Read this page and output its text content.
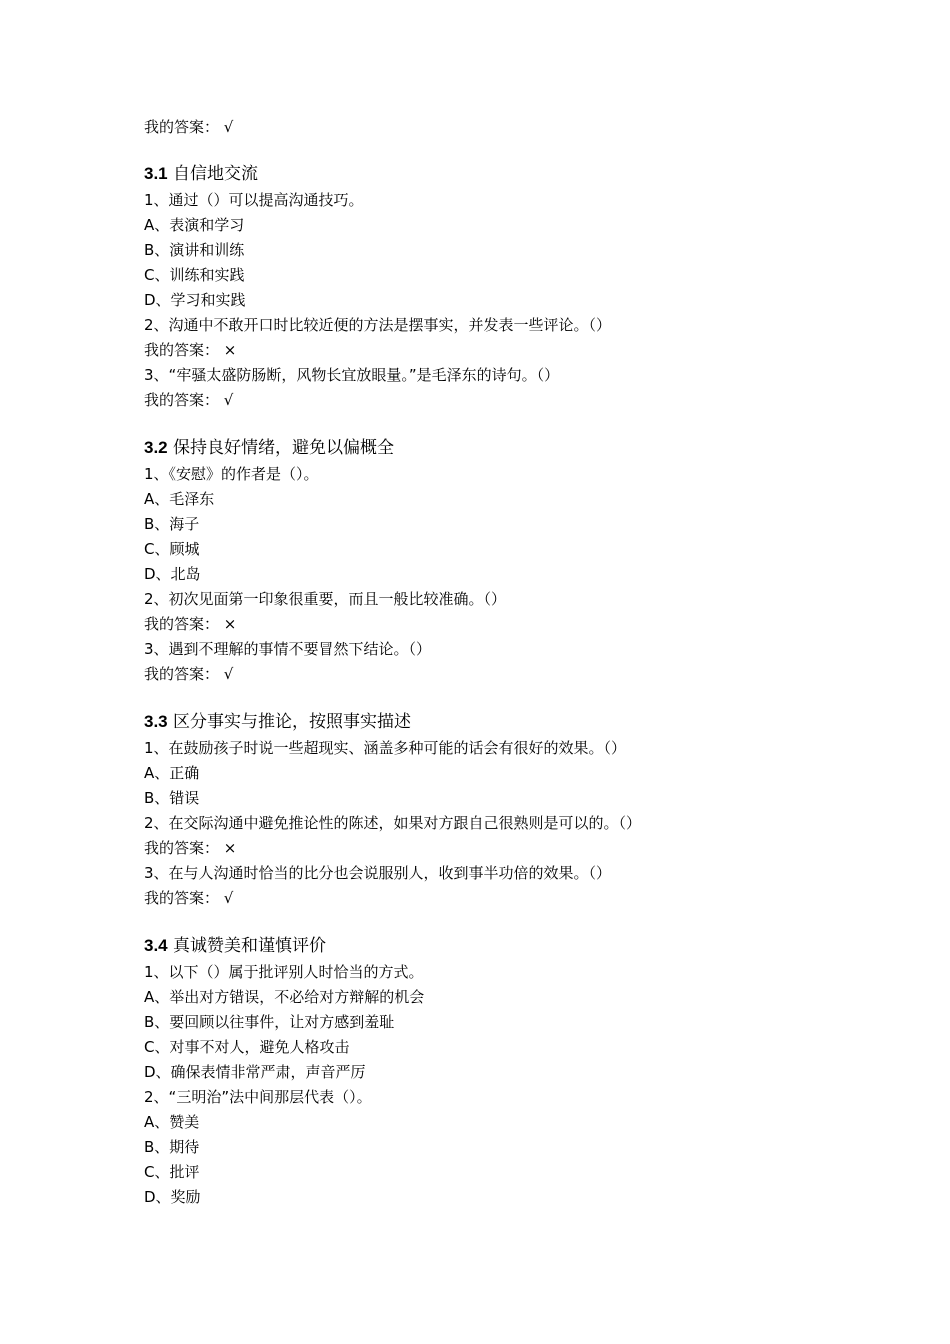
我的答案： √
3.1 自信地交流
1、通过（）可以提高沟通技巧。
A、表演和学习
B、演讲和训练
C、训练和实践
D、学习和实践
2、沟通中不敢开口时比较近便的方法是摆事实，并发表一些评论。（）
我的答案： ×
3、“牢骚太盛防肠断，风物长宜放眼量。”是毛泽东的诗句。（）
我的答案： √
3.2 保持良好情绪，避免以偏概全
1、《安慰》的作者是（）。
A、毛泽东
B、海子
C、顾城
D、北岛
2、初次见面第一印象很重要，而且一般比较准确。（）
我的答案： ×
3、遇到不理解的事情不要冒然下结论。（）
我的答案： √
3.3 区分事实与推论，按照事实描述
1、在鼓励孩子时说一些超现实、涵盖多种可能的话会有很好的效果。（）
A、正确
B、错误
2、在交际沟通中避免推论性的陈述，如果对方跟自己很熟则是可以的。（）
我的答案： ×
3、在与人沟通时恰当的比分也会说服别人，收到事半功倍的效果。（）
我的答案： √
3.4 真诚赞美和谨慎评价
1、以下（）属于批评别人时恰当的方式。
A、举出对方错误，不必给对方辩解的机会
B、要回顾以往事件，让对方感到羞耻
C、对事不对人，避免人格攻击
D、确保表情非常严肃，声音严厉
2、“三明治”法中间那层代表（）。
A、赞美
B、期待
C、批评
D、奖励
